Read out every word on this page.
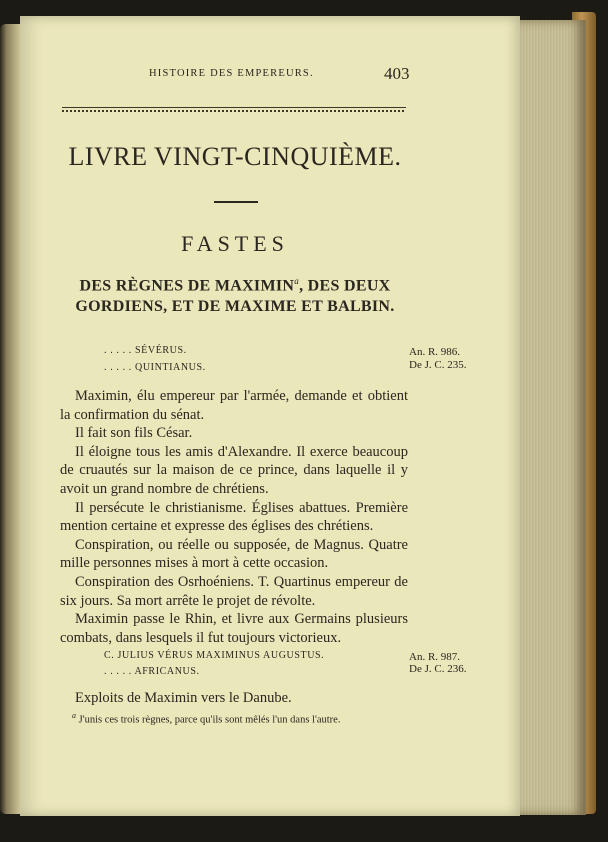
HISTOIRE DES EMPEREURS.	403
LIVRE VINGT-CINQUIÈME.
FASTES
DES RÈGNES DE MAXIMIN$^a$, DES DEUX
GORDIENS, ET DE MAXIME ET BALBIN.
. . . . . SÉVÉRUS.
. . . . . QUINTIANUS.
An. R. 986.
De J. C. 235.

Maximin, élu empereur par l'armée, demande et obtient la confirmation du sénat.

Il fait son fils César.

Il éloigne tous les amis d'Alexandre. Il exerce beaucoup de cruautés sur la maison de ce prince, dans laquelle il y avoit un grand nombre de chrétiens.

Il persécute le christianisme. Églises abattues. Première mention certaine et expresse des églises des chrétiens.

Conspiration, ou réelle ou supposée, de Magnus. Quatre mille personnes mises à mort à cette occasion.

Conspiration des Osrhoéniens. T. Quartinus empereur de six jours. Sa mort arrête le projet de révolte.

Maximin passe le Rhin, et livre aux Germains plusieurs combats, dans lesquels il fut toujours victorieux.

C. JULIUS VÉRUS MAXIMINUS AUGUSTUS.
. . . . . AFRICANUS.
An. R. 987.
De J. C. 236.

Exploits de Maximin vers le Danube.

$^a$ J'unis ces trois règnes, parce qu'ils sont mêlés l'un dans l'autre.
